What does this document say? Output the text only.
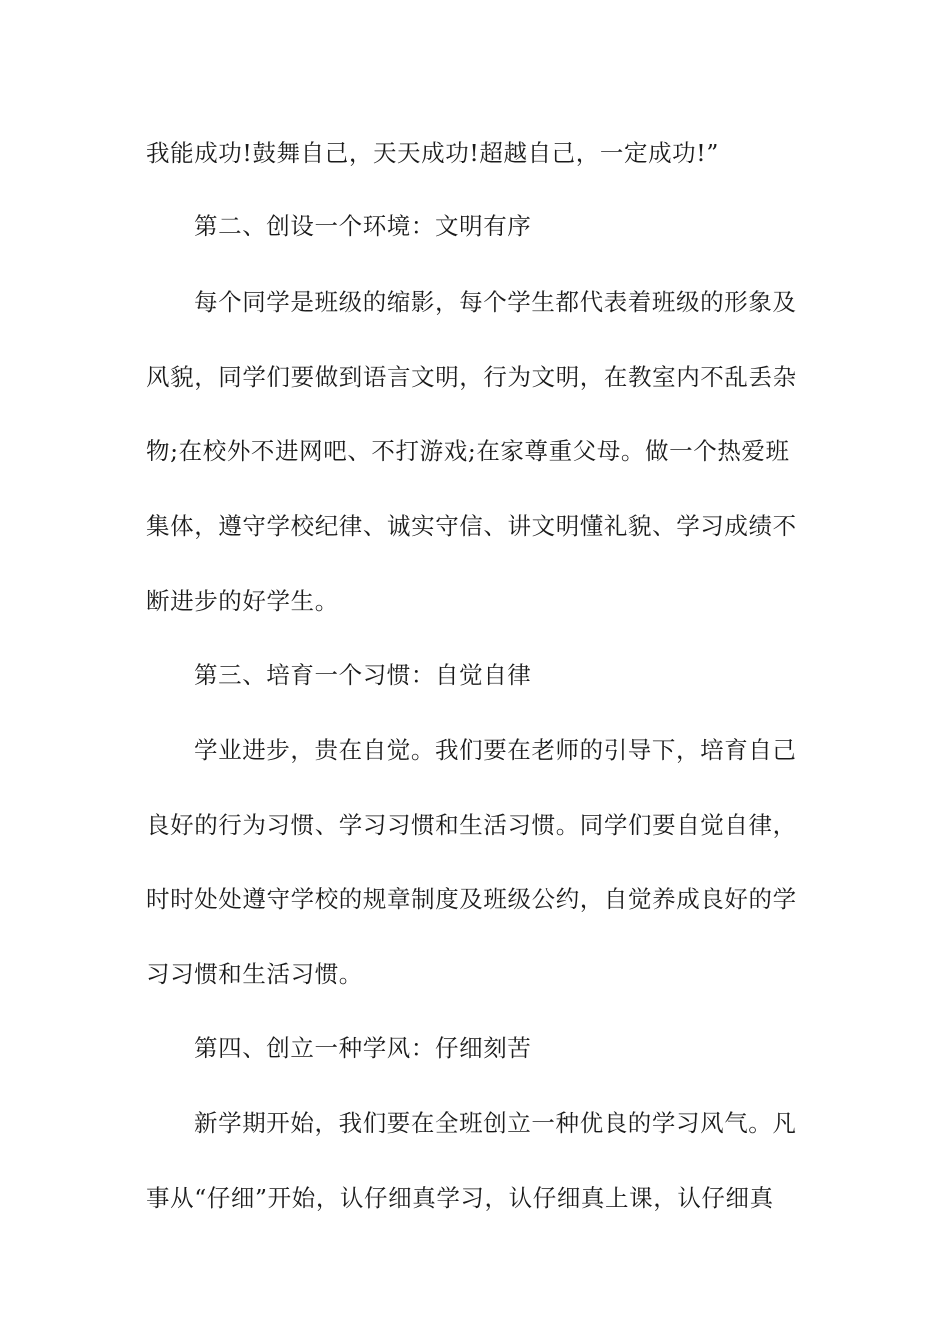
我能成功!鼓舞自己，天天成功!超越自己，一定成功!”
第二、创设一个环境：文明有序
每个同学是班级的缩影，每个学生都代表着班级的形象及
风貌，同学们要做到语言文明，行为文明，在教室内不乱丢杂
物;在校外不进网吧、不打游戏;在家尊重父母。做一个热爱班
集体，遵守学校纪律、诚实守信、讲文明懂礼貌、学习成绩不
断进步的好学生。
第三、培育一个习惯：自觉自律
学业进步，贵在自觉。我们要在老师的引导下，培育自己
良好的行为习惯、学习习惯和生活习惯。同学们要自觉自律，
时时处处遵守学校的规章制度及班级公约，自觉养成良好的学
习习惯和生活习惯。
第四、创立一种学风：仔细刻苦
新学期开始，我们要在全班创立一种优良的学习风气。凡
事从“仔细”开始，认仔细真学习，认仔细真上课，认仔细真
